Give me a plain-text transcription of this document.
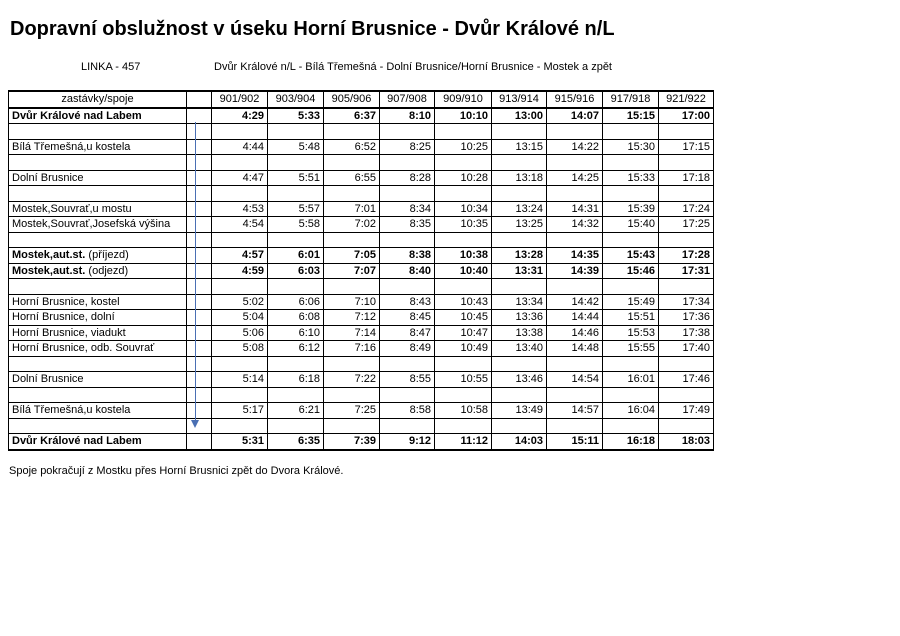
Dopravní obslužnost v úseku Horní Brusnice - Dvůr Králové n/L
LINKA - 457	Dvůr Králové n/L - Bílá Třemešná - Dolní Brusnice/Horní Brusnice - Mostek a zpět
zastávky/spoje		901/902	903/904	905/906	907/908	909/910	913/914	915/916	917/918	921/922
Dvůr Králové nad Labem		4:29	5:33	6:37	8:10	10:10	13:00	14:07	15:15	17:00

Bílá Třemešná,u kostela		4:44	5:48	6:52	8:25	10:25	13:15	14:22	15:30	17:15

Dolní Brusnice		4:47	5:51	6:55	8:28	10:28	13:18	14:25	15:33	17:18

Mostek,Souvrať,u mostu		4:53	5:57	7:01	8:34	10:34	13:24	14:31	15:39	17:24
Mostek,Souvrať,Josefská výšina		4:54	5:58	7:02	8:35	10:35	13:25	14:32	15:40	17:25

Mostek,aut.st. (příjezd)		4:57	6:01	7:05	8:38	10:38	13:28	14:35	15:43	17:28
Mostek,aut.st. (odjezd)		4:59	6:03	7:07	8:40	10:40	13:31	14:39	15:46	17:31

Horní Brusnice, kostel		5:02	6:06	7:10	8:43	10:43	13:34	14:42	15:49	17:34
Horní Brusnice, dolní		5:04	6:08	7:12	8:45	10:45	13:36	14:44	15:51	17:36
Horní Brusnice, viadukt		5:06	6:10	7:14	8:47	10:47	13:38	14:46	15:53	17:38
Horní Brusnice, odb. Souvrať		5:08	6:12	7:16	8:49	10:49	13:40	14:48	15:55	17:40

Dolní Brusnice		5:14	6:18	7:22	8:55	10:55	13:46	14:54	16:01	17:46

Bílá Třemešná,u kostela		5:17	6:21	7:25	8:58	10:58	13:49	14:57	16:04	17:49

Dvůr Králové nad Labem		5:31	6:35	7:39	9:12	11:12	14:03	15:11	16:18	18:03
Spoje pokračují z Mostku přes Horní Brusnici zpět do Dvora Králové.
